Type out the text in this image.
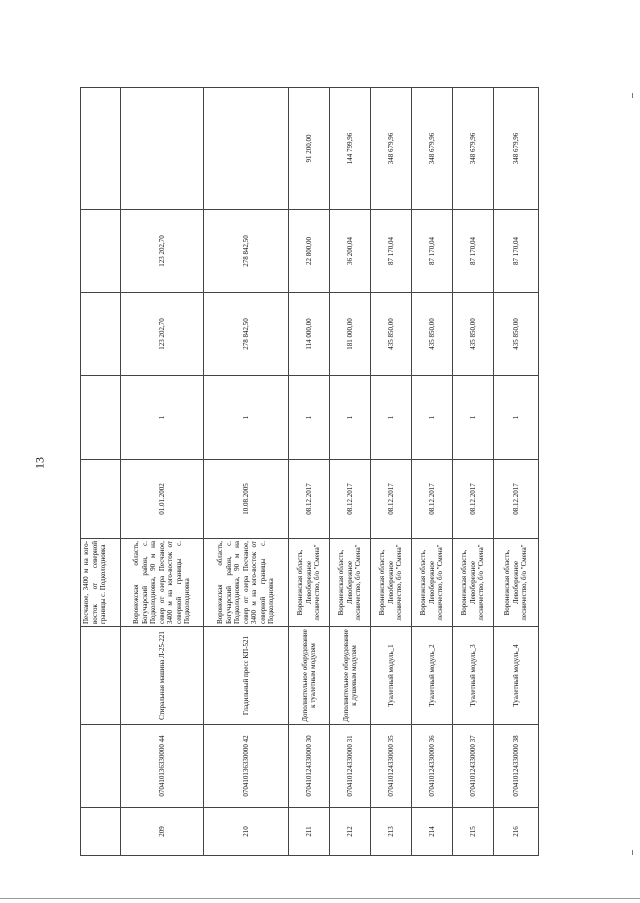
13
			Песчаное, 3400 м на юго-восток от северной границы с. Подколодновка					
209	070410136330000 44	Стиральная машина Л-25-221	Воронежская область, Богучарский район, с. Подколодновка, 90 м на север от озера Песчаное, 3400 м на юго-восток от северной границы с. Подколодновка	01.01.2002	1	123 202,70	123 202,70	
210	070410136330000 42	Гладильный пресс КП-521	Воронежская область, Богучарский район, с. Подколодновка, 90 м на север от озера Песчаное, 3400 м на юго-восток от северной границы с. Подколодновка	10.08.2005	1	278 842,50	278 842,50	
211	070410124330000 30	Дополнительное оборудование к туалетным модулям	Воронежская область, Левобережное лесничество, б/о "Смена"	08.12.2017	1	114 000,00	22 800,00	91 200,00
212	070410124330000 31	Дополнительное оборудование к душевым модулям	Воронежская область, Левобережное лесничество, б/о "Смена"	08.12.2017	1	181 000,00	36 200,04	144 799,96
213	070410124330000 35	Туалетный модуль_1	Воронежская область, Левобережное лесничество, б/о "Смена"	08.12.2017	1	435 850,00	87 170,04	348 679,96
214	070410124330000 36	Туалетный модуль_2	Воронежская область, Левобережное лесничество, б/о "Смена"	08.12.2017	1	435 850,00	87 170,04	348 679,96
215	070410124330000 37	Туалетный модуль_3	Воронежская область, Левобережное лесничество, б/о "Смена"	08.12.2017	1	435 850,00	87 170,04	348 679,96
216	070410124330000 38	Туалетный модуль_4	Воронежская область, Левобережное лесничество, б/о "Смена"	08.12.2017	1	435 850,00	87 170,04	348 679,96
